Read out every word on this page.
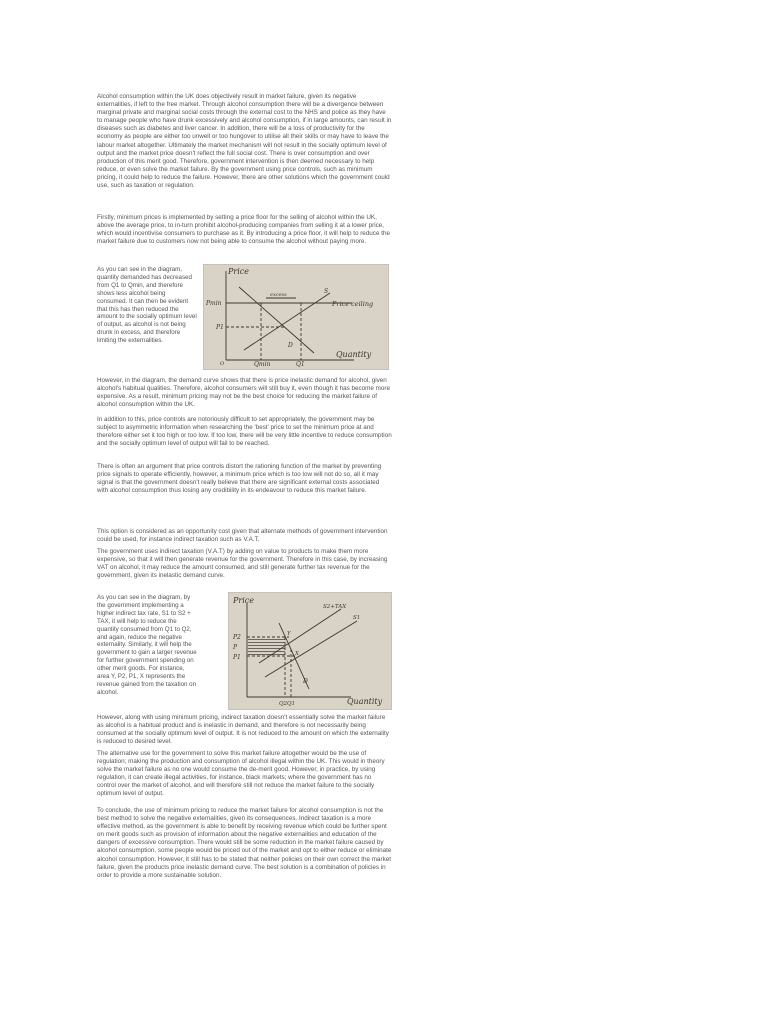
Alcohol consumption within the UK does objectively result in market failure, given its negative externalities, if left to the free market. Through alcohol consumption there will be a divergence between marginal private and marginal social costs through the external cost to the NHS and police as they have to manage people who have drunk excessively and alcohol consumption, if in large amounts, can result in diseases such as diabetes and liver cancer. In addition, there will be a loss of productivity for the economy as people are either too unwell or too hungover to utilise all their skills or may have to leave the labour market altogether. Ultimately the market mechanism will not result in the socially optimum level of output and the market price doesn't reflect the full social cost. There is over consumption and over production of this merit good. Therefore, government intervention is then deemed necessary to help reduce, or even solve the market failure. By the government using price controls, such as minimum pricing, it could help to reduce the failure. However, there are other solutions which the government could use, such as taxation or regulation.

Firstly, minimum prices is implemented by setting a price floor for the selling of alcohol within the UK, above the average price, to in-turn prohibit alcohol-producing companies from selling it at a lower price, which would incentivise consumers to purchase as it. By introducing a price floor, it will help to reduce the market failure due to customers now not being able to consume the alcohol without paying more.

As you can see in the diagram, quantity demanded has decreased from Q1 to Qmin, and therefore shows less alcohol being consumed. It can then be evident that this has then reduced the amount to the socially optimum level of output, as alcohol is not being drunk in excess, and therefore limiting the externalities.

Price
Quantity
Pmin
P1
Qmin	Q1
S
D
excess
Price ceiling
O

However, in the diagram, the demand curve shows that there is price inelastic demand for alcohol, given alcohol's habitual qualities. Therefore, alcohol consumers will still buy it, even though it has become more expensive. As a result, minimum pricing may not be the best choice for reducing the market failure of alcohol consumption within the UK.

In addition to this, price controls are notoriously difficult to set appropriately, the government may be subject to asymmetric information when researching the 'best' price to set the minimum price at and therefore either set it too high or too low. If too low, there will be very little incentive to reduce consumption and the socially optimum level of output will fail to be reached.

There is often an argument that price controls distort the rationing function of the market by preventing price signals to operate efficiently, however, a minimum price which is too low will not do so, all it may signal is that the government doesn't really believe that there are significant external costs associated with alcohol consumption thus losing any credibility in its endeavour to reduce this market failure.

This option is considered as an opportunity cost given that alternate methods of government intervention could be used, for instance indirect taxation such as V.A.T.

The government uses indirect taxation (V.A.T) by adding on value to products to make them more expensive, so that it will then generate revenue for the government. Therefore in this case, by increasing VAT on alcohol, it may reduce the amount consumed, and still generate further tax revenue for the government, given its inelastic demand curve.

As you can see in the diagram, by the government implementing a higher indirect tax rate, S1 to S2 + TAX, it will help to reduce the quantity consumed from Q1 to Q2, and again, reduce the negative externality. Similarly, it will help the government to gain a larger revenue for further government spending on other merit goods. For instance, area Y, P2, P1, X represents the revenue gained from the taxation on alcohol.

Price
Quantity
S2+TAX
S1
P2
P
P1
Y
X
D
Q2Q1

However, along with using minimum pricing, indirect taxation doesn't essentially solve the market failure as alcohol is a habitual product and is inelastic in demand, and therefore is not necessarily being consumed at the socially optimum level of output. It is not reduced to the amount on which the externality is reduced to desired level.

The alternative use for the government to solve this market failure altogether would be the use of regulation; making the production and consumption of alcohol illegal within the UK. This would in theory solve the market failure as no one would consume the de-merit good. However, in practice, by using regulation, it can create illegal activities, for instance, black markets; where the government has no control over the market of alcohol, and will therefore still not reduce the market failure to the socially optimum level of output.

To conclude, the use of minimum pricing to reduce the market failure for alcohol consumption is not the best method to solve the negative externalities, given its consequences. Indirect taxation is a more effective method, as the government is able to benefit by receiving revenue which could be further spent on merit goods such as provision of information about the negative externalities and education of the dangers of excessive consumption. There would still be some reduction in the market failure caused by alcohol consumption, some people would be priced out of the market and opt to either reduce or eliminate alcohol consumption. However, it still has to be stated that neither policies on their own correct the market failure, given the products price inelastic demand curve. The best solution is a combination of policies in order to provide a more sustainable solution.
